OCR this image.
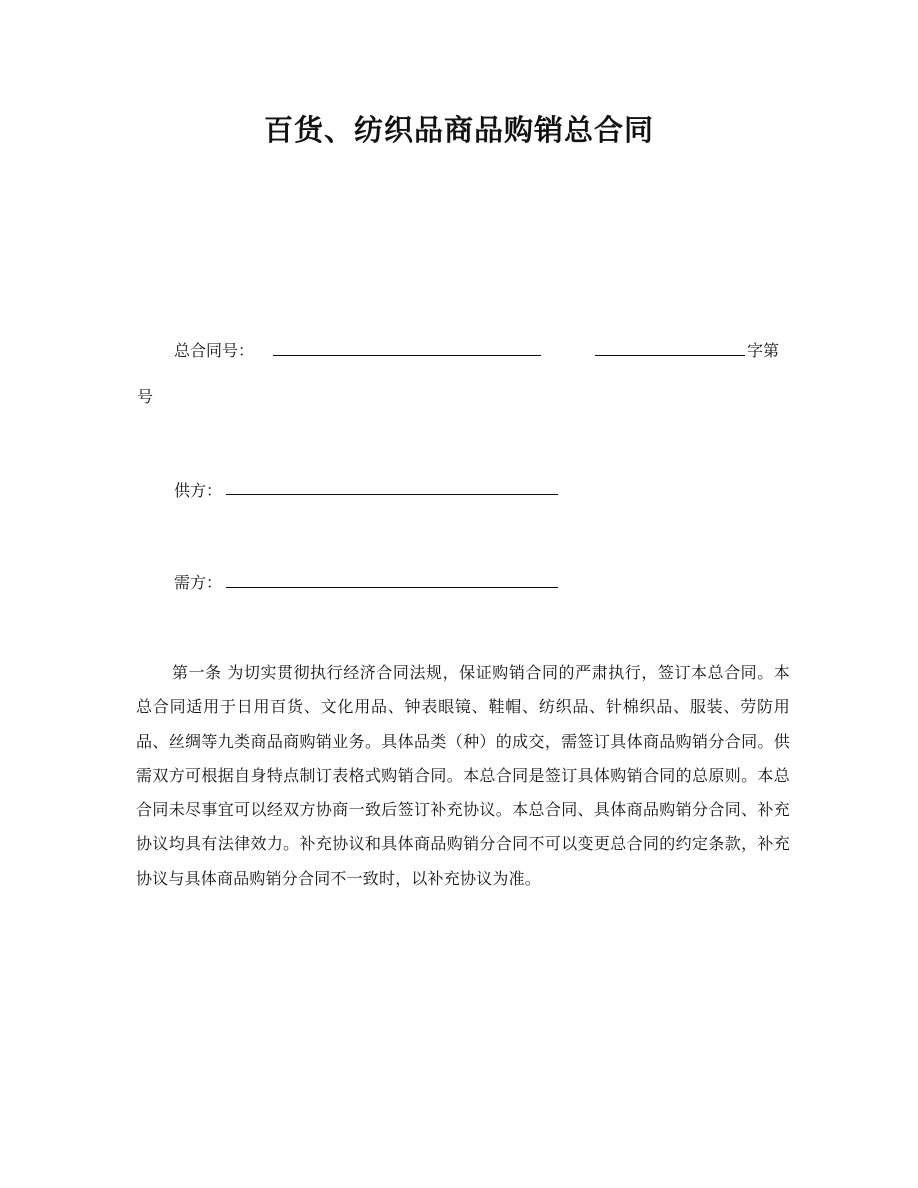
百货、纺织品商品购销总合同
总合同号：	字第
号
供方：
需方：

第一条 为切实贯彻执行经济合同法规，保证购销合同的严肃执行，签订本总合同。本总合同适用于日用百货、文化用品、钟表眼镜、鞋帽、纺织品、针棉织品、服装、劳防用品、丝绸等九类商品商购销业务。具体品类（种）的成交，需签订具体商品购销分合同。供需双方可根据自身特点制订表格式购销合同。本总合同是签订具体购销合同的总原则。本总合同未尽事宜可以经双方协商一致后签订补充协议。本总合同、具体商品购销分合同、补充协议均具有法律效力。补充协议和具体商品购销分合同不可以变更总合同的约定条款，补充协议与具体商品购销分合同不一致时，以补充协议为准。
